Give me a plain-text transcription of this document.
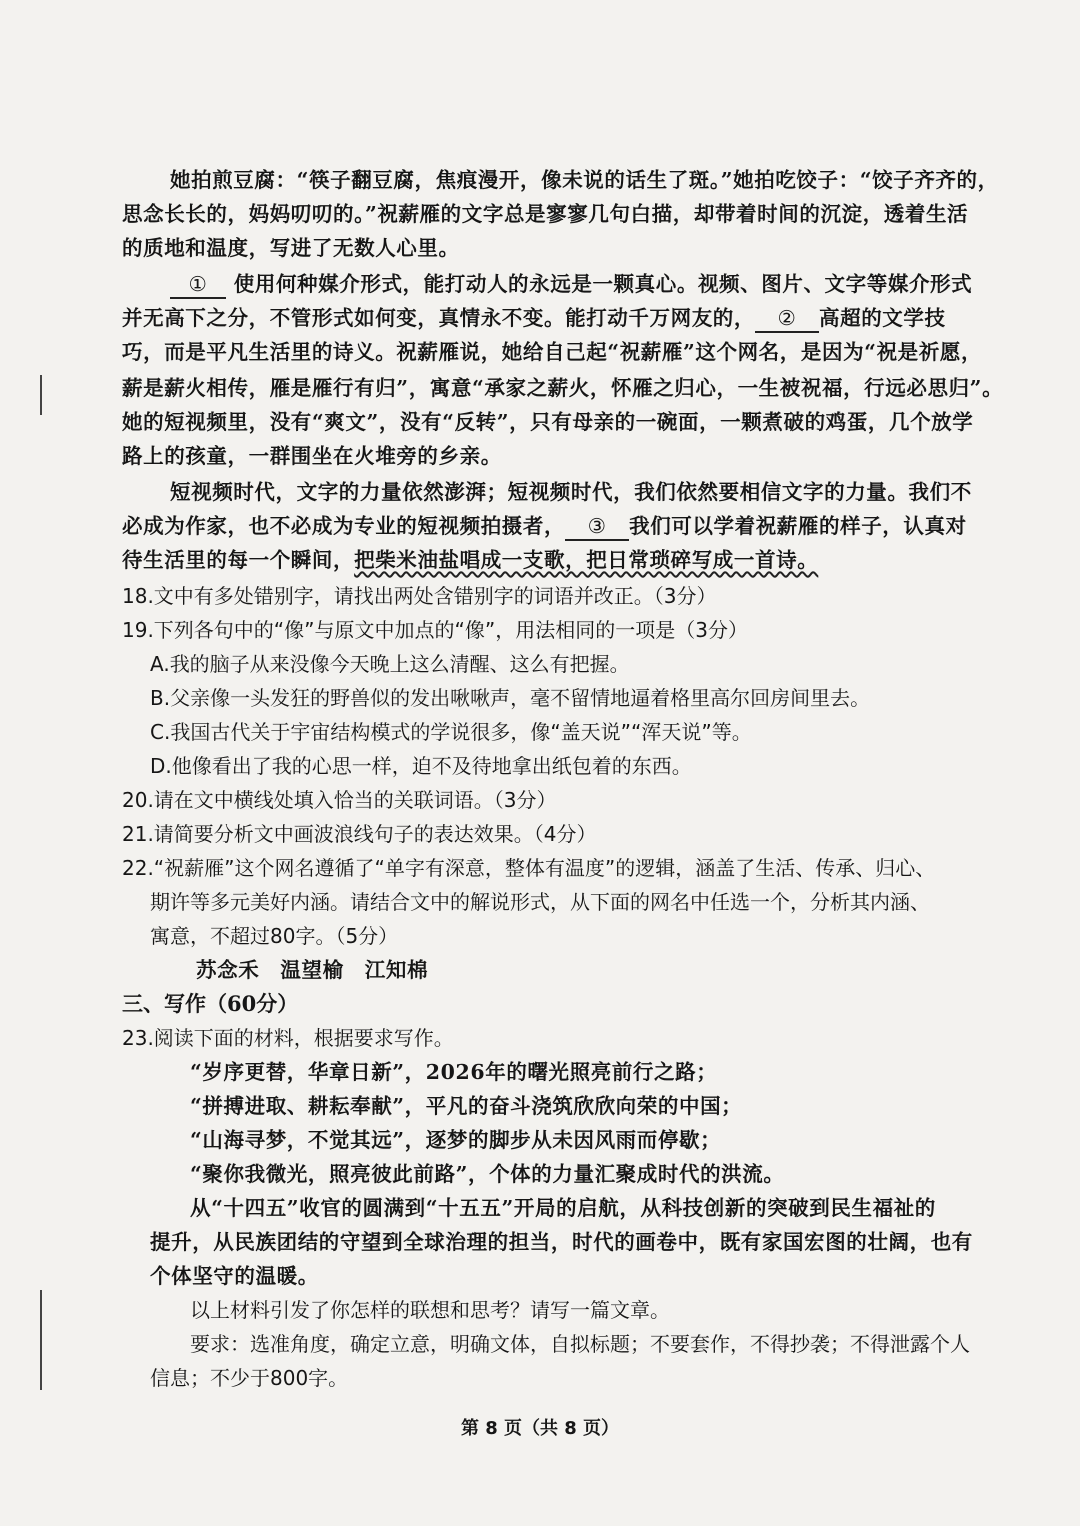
她拍煎豆腐：“筷子翻豆腐，焦痕漫开，像未说的话生了斑。”她拍吃饺子：“饺子齐齐的，
思念长长的，妈妈叨叨的。”祝薪雁的文字总是寥寥几句白描，却带着时间的沉淀，透着生活
的质地和温度，写进了无数人心里。
① 使用何种媒介形式，能打动人的永远是一颗真心。视频、图片、文字等媒介形式
并无高下之分，不管形式如何变，真情永不变。能打动千万网友的， ② 高超的文学技
巧，而是平凡生活里的诗义。祝薪雁说，她给自己起“祝薪雁”这个网名，是因为“祝是祈愿，
薪是薪火相传，雁是雁行有归”，寓意“承家之薪火，怀雁之归心，一生被祝福，行远必思归”。
她的短视频里，没有“爽文”，没有“反转”，只有母亲的一碗面，一颗煮破的鸡蛋，几个放学
路上的孩童，一群围坐在火堆旁的乡亲。
短视频时代，文字的力量依然澎湃；短视频时代，我们依然要相信文字的力量。我们不
必成为作家，也不必成为专业的短视频拍摄者， ③ 我们可以学着祝薪雁的样子，认真对
待生活里的每一个瞬间，把柴米油盐唱成一支歌，把日常琐碎写成一首诗。
18.文中有多处错别字，请找出两处含错别字的词语并改正。（3分）
19.下列各句中的“像”与原文中加点的“像”，用法相同的一项是（3分）
A.我的脑子从来没像今天晚上这么清醒、这么有把握。
B.父亲像一头发狂的野兽似的发出啾啾声，毫不留情地逼着格里高尔回房间里去。
C.我国古代关于宇宙结构模式的学说很多，像“盖天说”“浑天说”等。
D.他像看出了我的心思一样，迫不及待地拿出纸包着的东西。
20.请在文中横线处填入恰当的关联词语。（3分）
21.请简要分析文中画波浪线句子的表达效果。（4分）
22.“祝薪雁”这个网名遵循了“单字有深意，整体有温度”的逻辑，涵盖了生活、传承、归心、
期许等多元美好内涵。请结合文中的解说形式，从下面的网名中任选一个，分析其内涵、
寓意，不超过80字。（5分）
苏念禾　温望榆　江知棉
三、写作（60分）
23.阅读下面的材料，根据要求写作。
“岁序更替，华章日新”，2026年的曙光照亮前行之路；
“拼搏进取、耕耘奉献”，平凡的奋斗浇筑欣欣向荣的中国；
“山海寻梦，不觉其远”，逐梦的脚步从未因风雨而停歇；
“聚你我微光，照亮彼此前路”，个体的力量汇聚成时代的洪流。
从“十四五”收官的圆满到“十五五”开局的启航，从科技创新的突破到民生福祉的
提升，从民族团结的守望到全球治理的担当，时代的画卷中，既有家国宏图的壮阔，也有
个体坚守的温暖。
以上材料引发了你怎样的联想和思考？请写一篇文章。
要求：选准角度，确定立意，明确文体，自拟标题；不要套作，不得抄袭；不得泄露个人
信息；不少于800字。
第 8 页（共 8 页）
